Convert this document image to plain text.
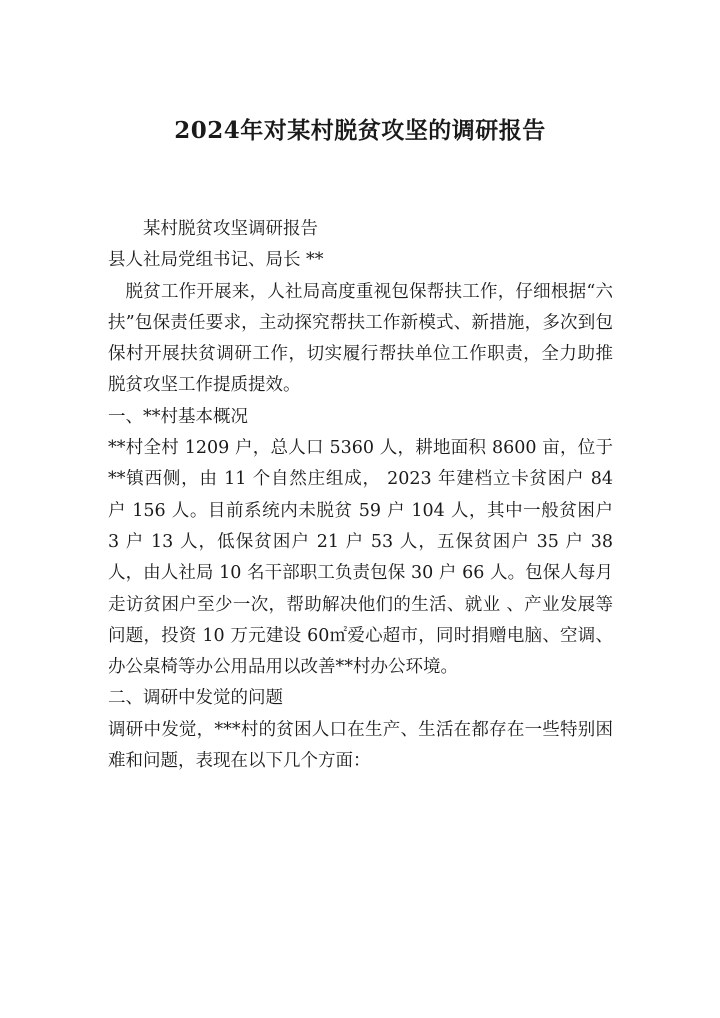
2024年对某村脱贫攻坚的调研报告

某村脱贫攻坚调研报告

县人社局党组书记、局长 **

脱贫工作开展来，人社局高度重视包保帮扶工作，仔细根据“六扶”包保责任要求，主动探究帮扶工作新模式、新措施，多次到包保村开展扶贫调研工作，切实履行帮扶单位工作职责，全力助推脱贫攻坚工作提质提效。

一、**村基本概况

**村全村 1209 户，总人口 5360 人，耕地面积 8600 亩，位于**镇西侧，由 11 个自然庄组成， 2023 年建档立卡贫困户 84 户 156 人。目前系统内未脱贫 59 户 104 人，其中一般贫困户 3 户 13 人，低保贫困户 21 户 53 人，五保贫困户 35 户 38 人，由人社局 10 名干部职工负责包保 30 户 66 人。包保人每月走访贫困户至少一次，帮助解决他们的生活、就业 、产业发展等问题，投资 10 万元建设 60㎡爱心超市，同时捐赠电脑、空调、办公桌椅等办公用品用以改善**村办公环境。

二、调研中发觉的问题

调研中发觉，***村的贫困人口在生产、生活在都存在一些特别困难和问题，表现在以下几个方面：
